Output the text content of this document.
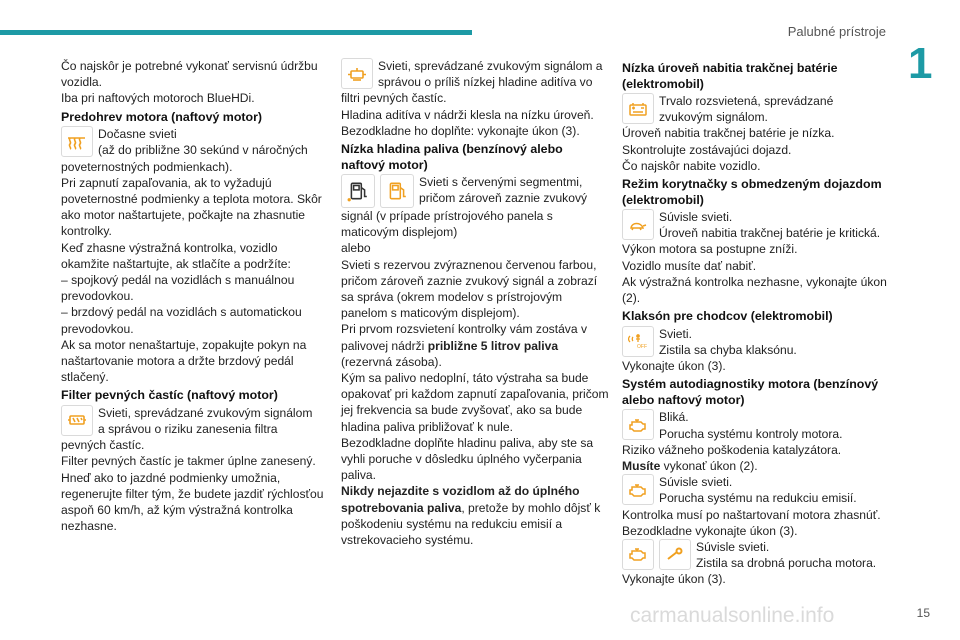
Palubné prístroje
1

Čo najskôr je potrebné vykonať servisnú údržbu vozidla.

Iba pri naftových motoroch BlueHDi.

Predohrev motora (naftový motor)

Dočasne svieti

(až do približne 30 sekúnd v náročných

poveternostných podmienkach).

Pri zapnutí zapaľovania, ak to vyžadujú poveternostné podmienky a teplota motora. Skôr ako motor naštartujete, počkajte na zhasnutie kontrolky.

Keď zhasne výstražná kontrolka, vozidlo okamžite naštartujte, ak stlačíte a podržíte:

– spojkový pedál na vozidlách s manuálnou prevodovkou.

– brzdový pedál na vozidlách s automatickou prevodovkou.

Ak sa motor nenaštartuje, zopakujte pokyn na naštartovanie motora a držte brzdový pedál stlačený.

Filter pevných častíc (naftový motor)

Svieti, sprevádzané zvukovým signálom

a správou o riziku zanesenia filtra

pevných častíc.

Filter pevných častíc je takmer úplne zanesený.

Hneď ako to jazdné podmienky umožnia, regenerujte filter tým, že budete jazdiť rýchlosťou aspoň 60 km/h, až kým výstražná kontrolka nezhasne.

Svieti, sprevádzané zvukovým signálom a

správou o príliš nízkej hladine aditíva vo

filtri pevných častíc.

Hladina aditíva v nádrži klesla na nízku úroveň.

Bezodkladne ho doplňte: vykonajte úkon (3).

Nízka hladina paliva (benzínový alebo naftový motor)

Svieti s červenými segmentmi,

pričom zároveň zaznie zvukový

signál (v prípade prístrojového panela s maticovým displejom)

alebo

Svieti s rezervou zvýraznenou červenou farbou, pričom zároveň zaznie zvukový signál a zobrazí sa správa (okrem modelov s prístrojovým panelom s maticovým displejom).

Pri prvom rozsvietení kontrolky vám zostáva v palivovej nádrži približne 5 litrov paliva (rezervná zásoba).

Kým sa palivo nedoplní, táto výstraha sa bude opakovať pri každom zapnutí zapaľovania, pričom jej frekvencia sa bude zvyšovať, ako sa bude hladina paliva približovať k nule.

Bezodkladne doplňte hladinu paliva, aby ste sa vyhli poruche v dôsledku úplného vyčerpania paliva.

Nikdy nejazdite s vozidlom až do úplného spotrebovania paliva, pretože by mohlo dôjsť k poškodeniu systému na redukciu emisií a vstrekovacieho systému.

Nízka úroveň nabitia trakčnej batérie (elektromobil)

Trvalo rozsvietená, sprevádzané

zvukovým signálom.

Úroveň nabitia trakčnej batérie je nízka.

Skontrolujte zostávajúci dojazd.

Čo najskôr nabite vozidlo.

Režim korytnačky s obmedzeným dojazdom (elektromobil)

Súvisle svieti.

Úroveň nabitia trakčnej batérie je kritická.

Výkon motora sa postupne zníži.

Vozidlo musíte dať nabiť.

Ak výstražná kontrolka nezhasne, vykonajte úkon (2).

Klaksón pre chodcov (elektromobil)
OFF

Svieti.

Zistila sa chyba klaksónu.

Vykonajte úkon (3).

Systém autodiagnostiky motora (benzínový alebo naftový motor)

Bliká.

Porucha systému kontroly motora.

Riziko vážneho poškodenia katalyzátora.

Musíte vykonať úkon (2).

Súvisle svieti.

Porucha systému na redukciu emisií.

Kontrolka musí po naštartovaní motora zhasnúť.

Bezodkladne vykonajte úkon (3).

Súvisle svieti.

Zistila sa drobná porucha motora.

Vykonajte úkon (3).

carmanualsonline.info	15
